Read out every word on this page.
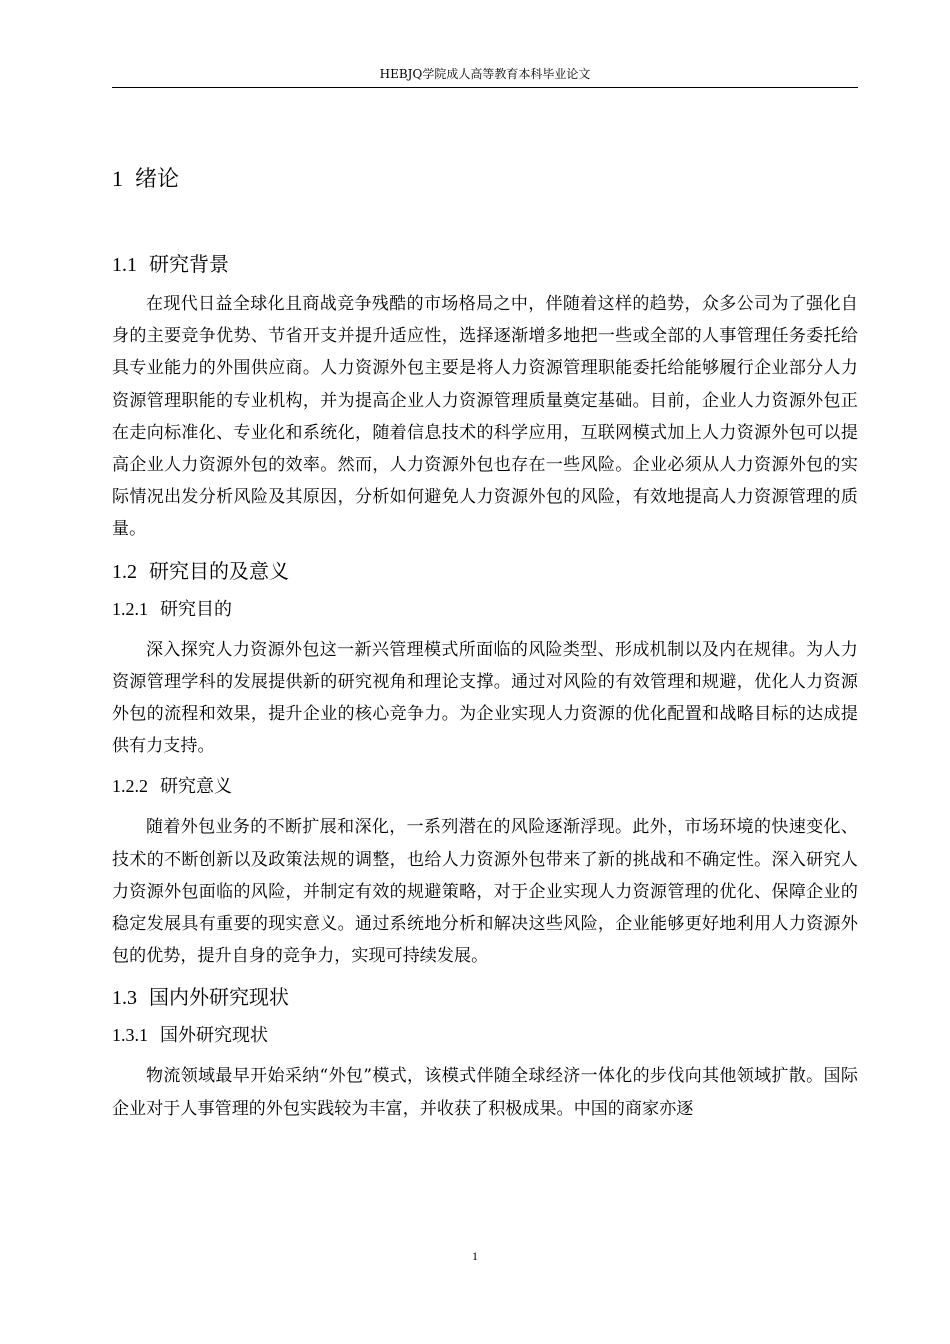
HEBJQ学院成人高等教育本科毕业论文
1 绪论
1.1 研究背景

在现代日益全球化且商战竞争残酷的市场格局之中，伴随着这样的趋势，众多公司为了强化自身的主要竞争优势、节省开支并提升适应性，选择逐渐增多地把一些或全部的人事管理任务委托给具专业能力的外围供应商。人力资源外包主要是将人力资源管理职能委托给能够履行企业部分人力资源管理职能的专业机构，并为提高企业人力资源管理质量奠定基础。目前，企业人力资源外包正在走向标准化、专业化和系统化，随着信息技术的科学应用，互联网模式加上人力资源外包可以提高企业人力资源外包的效率。然而，人力资源外包也存在一些风险。企业必须从人力资源外包的实际情况出发分析风险及其原因，分析如何避免人力资源外包的风险，有效地提高人力资源管理的质量。

1.2 研究目的及意义
1.2.1 研究目的

深入探究人力资源外包这一新兴管理模式所面临的风险类型、形成机制以及内在规律。为人力资源管理学科的发展提供新的研究视角和理论支撑。通过对风险的有效管理和规避，优化人力资源外包的流程和效果，提升企业的核心竞争力。为企业实现人力资源的优化配置和战略目标的达成提供有力支持。

1.2.2 研究意义

随着外包业务的不断扩展和深化，一系列潜在的风险逐渐浮现。此外，市场环境的快速变化、技术的不断创新以及政策法规的调整，也给人力资源外包带来了新的挑战和不确定性。深入研究人力资源外包面临的风险，并制定有效的规避策略，对于企业实现人力资源管理的优化、保障企业的稳定发展具有重要的现实意义。通过系统地分析和解决这些风险，企业能够更好地利用人力资源外包的优势，提升自身的竞争力，实现可持续发展。

1.3 国内外研究现状
1.3.1 国外研究现状

物流领域最早开始采纳“外包”模式，该模式伴随全球经济一体化的步伐向其他领域扩散。国际企业对于人事管理的外包实践较为丰富，并收获了积极成果。中国的商家亦逐

1
